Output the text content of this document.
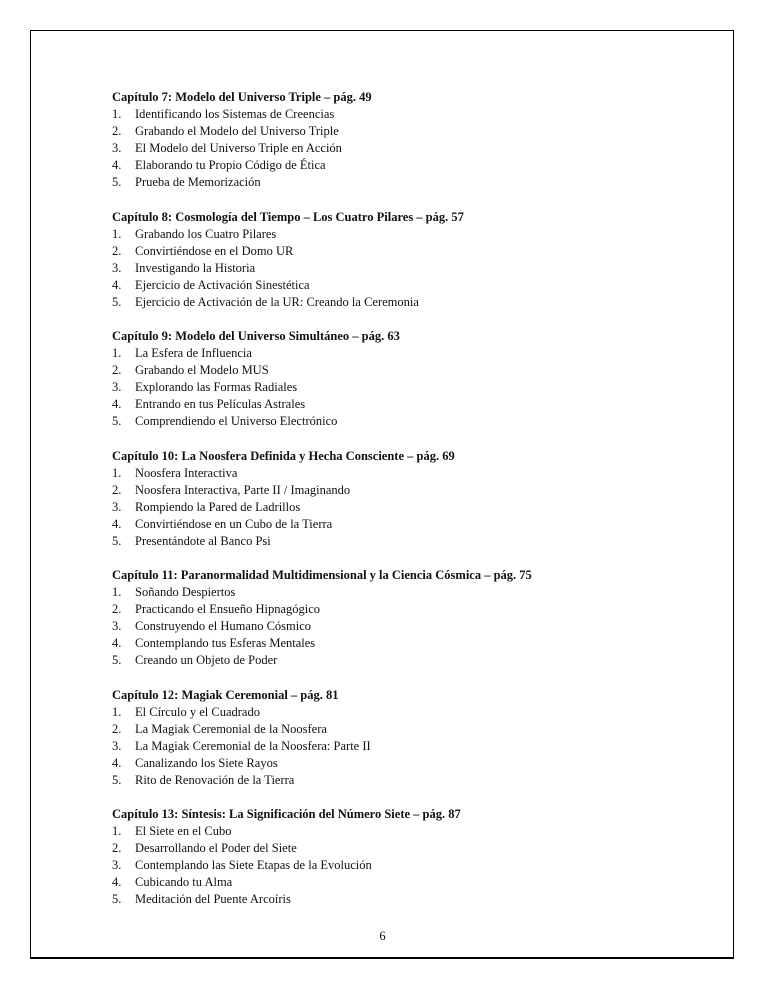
Capítulo 7: Modelo del Universo Triple – pág. 49
1.	Identificando los Sistemas de Creencias
2.	Grabando el Modelo del Universo Triple
3.	El Modelo del Universo Triple en Acción
4.	Elaborando tu Propio Código de Ética
5.	Prueba de Memorización
Capítulo 8: Cosmología del Tiempo – Los Cuatro Pilares – pág. 57
1.	Grabando los Cuatro Pilares
2.	Convirtiéndose en el Domo UR
3.	Investigando la Historia
4.	Ejercicio de Activación Sinestética
5.	Ejercicio de Activación de la UR: Creando la Ceremonia
Capítulo 9: Modelo del Universo Simultáneo – pág. 63
1.	La Esfera de Influencia
2.	Grabando el Modelo MUS
3.	Explorando las Formas Radiales
4.	Entrando en tus Películas Astrales
5.	Comprendiendo el Universo Electrónico
Capítulo 10: La Noosfera Definida y Hecha Consciente – pág. 69
1.	Noosfera Interactiva
2.	Noosfera Interactiva, Parte II / Imaginando
3.	Rompiendo la Pared de Ladrillos
4.	Convirtiéndose en un Cubo de la Tierra
5.	Presentándote al Banco Psi
Capítulo 11: Paranormalidad Multidimensional y la Ciencia Cósmica – pág. 75
1.	Soñando Despiertos
2.	Practicando el Ensueño Hipnagógico
3.	Construyendo el Humano Cósmico
4.	Contemplando tus Esferas Mentales
5.	Creando un Objeto de Poder
Capítulo 12: Magiak Ceremonial – pág. 81
1.	El Círculo y el Cuadrado
2.	La Magiak Ceremonial de la Noosfera
3.	La Magiak Ceremonial de la Noosfera: Parte II
4.	Canalizando los Siete Rayos
5.	Rito de Renovación de la Tierra
Capítulo 13: Síntesis: La Significación del Número Siete – pág. 87
1.	El Siete en el Cubo
2.	Desarrollando el Poder del Siete
3.	Contemplando las Siete Etapas de la Evolución
4.	Cubicando tu Alma
5.	Meditación del Puente Arcoíris
6
